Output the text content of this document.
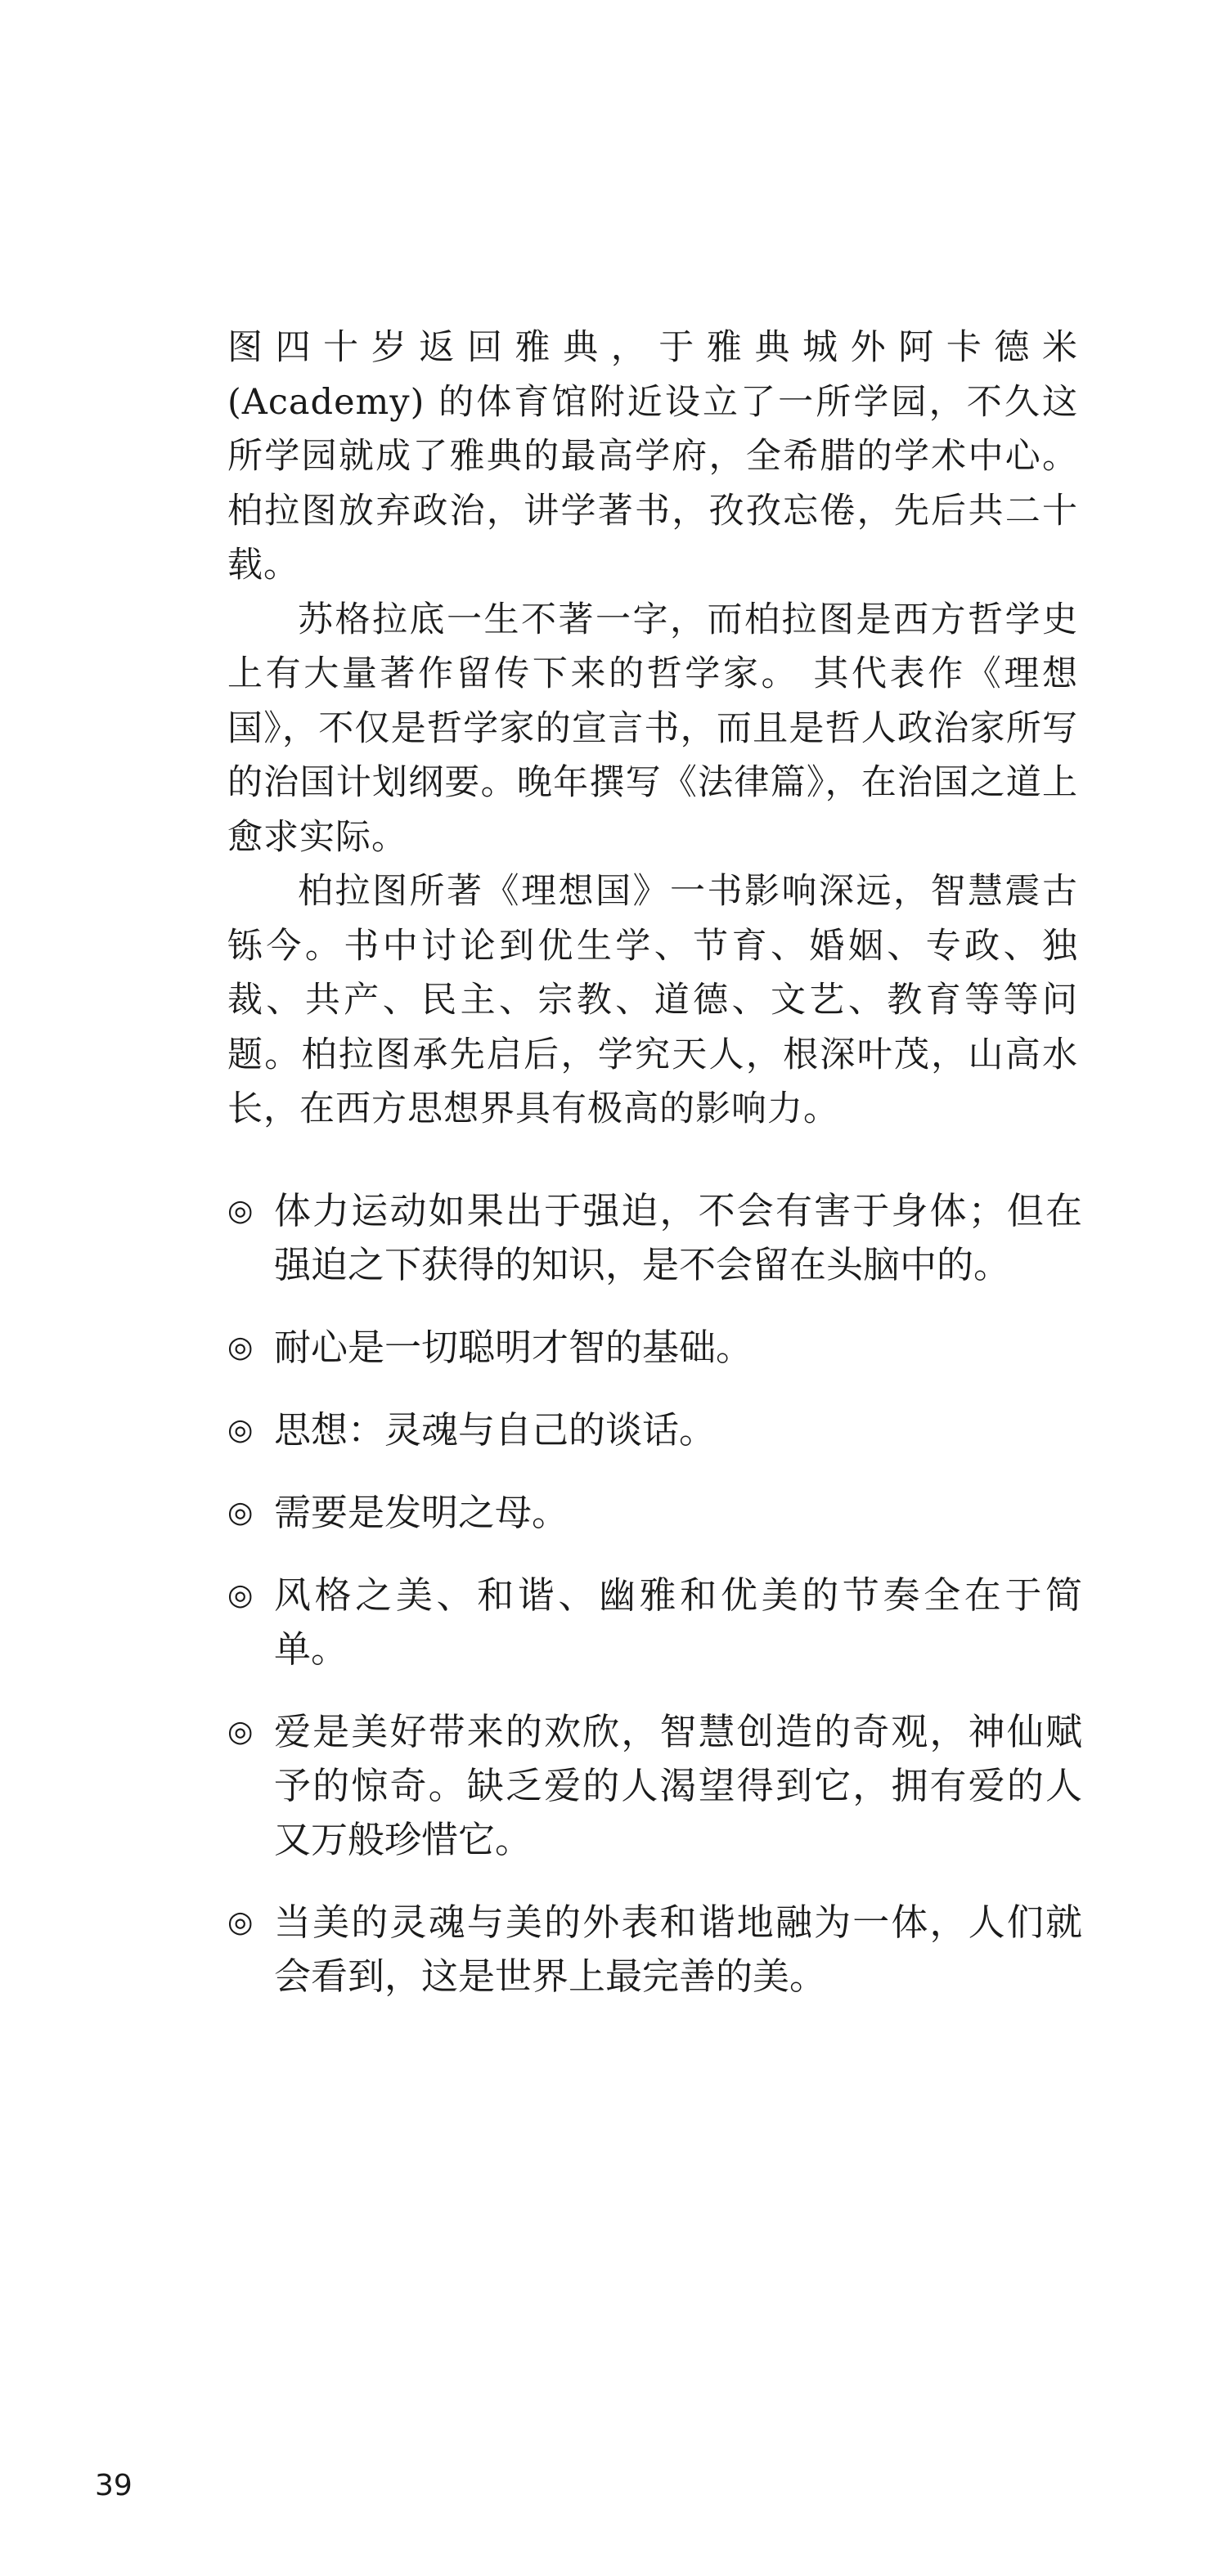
图四十岁返回雅典，于雅典城外阿卡德米 (Academy) 的体育馆附近设立了一所学园，不久这所学园就成了雅典的最高学府，全希腊的学术中心。柏拉图放弃政治，讲学著书，孜孜忘倦，先后共二十载。

苏格拉底一生不著一字，而柏拉图是西方哲学史上有大量著作留传下来的哲学家。 其代表作《理想国》，不仅是哲学家的宣言书，而且是哲人政治家所写的治国计划纲要。晚年撰写《法律篇》，在治国之道上愈求实际。

柏拉图所著《理想国》一书影响深远，智慧震古铄今。书中讨论到优生学、节育、婚姻、专政、独裁、共产、民主、宗教、道德、文艺、教育等等问题。柏拉图承先启后，学究天人，根深叶茂，山高水长，在西方思想界具有极高的影响力。

◎ 体力运动如果出于强迫，不会有害于身体；但在强迫之下获得的知识，是不会留在头脑中的。
◎ 耐心是一切聪明才智的基础。
◎ 思想：灵魂与自己的谈话。
◎ 需要是发明之母。
◎ 风格之美、和谐、幽雅和优美的节奏全在于简单。
◎ 爱是美好带来的欢欣，智慧创造的奇观，神仙赋予的惊奇。缺乏爱的人渴望得到它，拥有爱的人又万般珍惜它。
◎ 当美的灵魂与美的外表和谐地融为一体，人们就会看到，这是世界上最完善的美。
39
